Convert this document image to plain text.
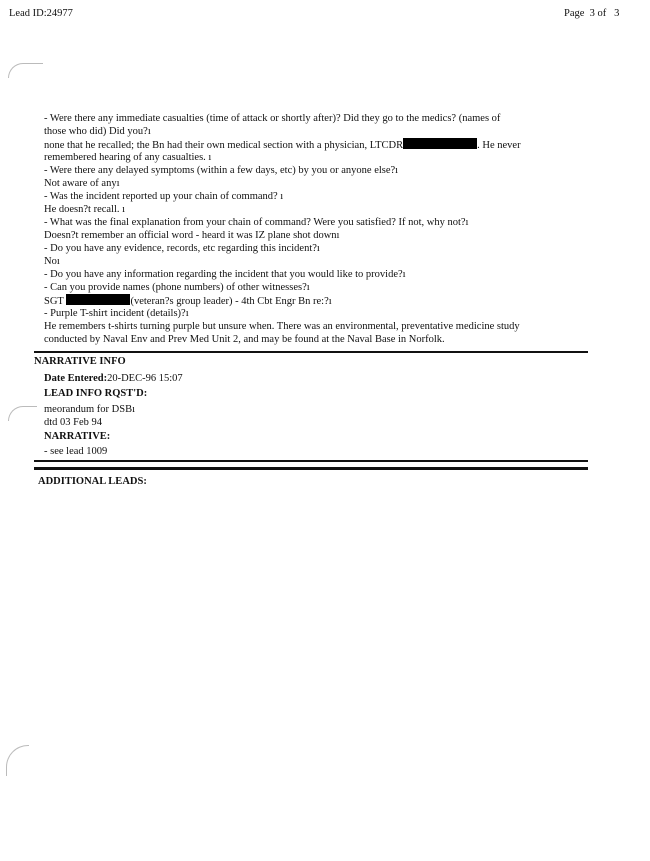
Lead ID:24977	Page 3 of 3
- Were there any immediate casualties (time of attack or shortly after)? Did they go to the medics? (names of
those who did) Did you?ı
none that he recalled; the Bn had their own medical section with a physician, LTCDR	. He never
remembered hearing of any casualties. ı
- Were there any delayed symptoms (within a few days, etc) by you or anyone else?ı
Not aware of anyı
- Was the incident reported up your chain of command? ı
He doesn?t recall. ı
- What was the final explanation from your chain of command? Were you satisfied? If not, why not?ı
Doesn?t remember an official word - heard it was IZ plane shot downı
- Do you have any evidence, records, etc regarding this incident?ı
Noı
- Do you have any information regarding the incident that you would like to provide?ı
- Can you provide names (phone numbers) of other witnesses?ı
SGT	(veteran?s group leader) - 4th Cbt Engr Bn re:?ı
- Purple T-shirt incident (details)?ı
He remembers t-shirts turning purple but unsure when. There was an environmental, preventative medicine study
conducted by Naval Env and Prev Med Unit 2, and may be found at the Naval Base in Norfolk.
NARRATIVE INFO
Date Entered:20-DEC-96 15:07
LEAD INFO RQST'D:
meorandum for DSBı
dtd 03 Feb 94
NARRATIVE:
- see lead 1009
ADDITIONAL LEADS:
